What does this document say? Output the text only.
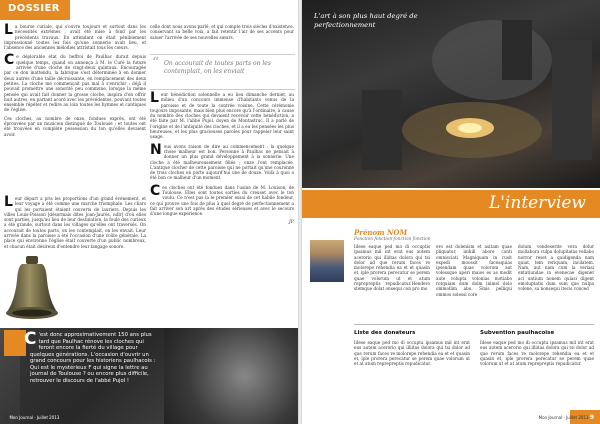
DOSSIER

La bourse curiale, qui s'ouvre toujours et surtout dans les nécessités extrêmes , avait été mise à fond par les précédents travaux. En attendant on était péniblement impressionné toutes les fois qu'une sonnerie avait lieu, et l'absence des anciennes mélodies attristait tous les cœurs.

Ce déplorable état du beffroi de Paulhac durait depuis quelque temps, quand on annonça à M. le Curé la future arrivée d'une cloche de vingt-deux quintaux. Encouragée par ce don inattendu, la fabrique s'est déterminée à en donner deux autres d'une taille décroissante, en remplacement des deux petites. La cloche me commençait pas mal à s'enrichir : déjà il pouvait promettre une sonorité peu commune, lorsque la même pensée qui avait fait donner la grosse cloche, inspira d'en offrir huit autres, en partant acord avec les précédentes, pouvant toutes ensemble répéter et redire au loin toutes les hymnes et cantiques de l'église.

Ces cloches, au nombre de onze, fondues exprès, ont été éprouvées par un musicien distingué de Toulouse ; et toutes ont été trouvées en complète possession du ton qu'elles devaient avoir.

Leur départ a pris les proportions d'un grand événement, et leur voyage a été comme une marche triomphale. Les chars qui les portaient étaient couverts de lauriers. Depuis les villes Louis-Poisson [désormais dites Joan-Jaurès, ndlr] d'où elles sont parties, jusqu'au lieu de leur destination, la foule des curieux a été grande, surtout dans les villages qu'elles ont traversés. On accourait de toutes parts, on les contemplait, on les envait. Leur arrivée dans la paroisse a été l'occasion d'une voûte générale. La place qui environne l'église était couverte d'un public nombreux, et chacun était désireux d'entendre leur langage sonore.

celle dont nous avons parlé, et qui compte trois siècles d'existence, conservant sa belle voix, a fait retentir l'air de ses accents pour saluer l'arrivée de ses nouvelles sœurs.

“ On accourait de toutes parts on les contemplait, on les enviait

Leur bénédiction solennelle a eu lieu dimanche dernier, au milieu d'un concours immense d'habitants venus de la paroisse et de toute la contrée voisine. Cette cérémonie toujours imposante, mais bien plus encore qu'à l'ordinaire, à cause du nombre des cloches qui devaient recevoir cette bénédiction, a été faite par M. l'abbé Pujol, doyen de Montastruc. Il a parlé de l'origine et de l'antiquité des cloches, et il a eu les pensées les plus heureuses, et les plus gracieuses paroles pour rappeler leur saint usage.

Nous avons raison de dire au commencement : la quelque chose malheur est bon. Personne à Paulhac ne pensait à donner un plus grand développement à la sonnerie. Une cloche a été malheureusement fêlée ; onze l'ont remplacée. L'antique clocher de cette paroisse qui ne portait qu'une couronne de trois cloches en porte aujourd'hui une de douze. Voilà à quoi a été bon ce malheur d'un moment.

Ces cloches ont été fondues dans l'usine de M. Louison, de Toulouse. Elles sont toutes sorties du creuset avec le ton voulu. Ce n'est pas la le premier essai de cet habile fondeur, ce qui prouve une fois de plus à quel degré de perfectionnement a fait arriver son art après des études sérieuses et avec le secours d'une longue expérience.

JP.

C 'est donc approximativement 150 ans plus tard que Paulhac rénove les cloches qui feront encore la fierté du village pour quelques générations. L'occasion d'ouvrir un grand concours pour les historiens paulhacois : Qui est le mystérieux F qui signe la lettre au journal de Toulouse ? ou encore plus difficile, retrouver le discours de l'abbé Pujol !
8 Mon Journal · Juillet 2013
L'art à son plus haut degré de perfectionnement
L'interview
Prénom NOM
Fonction fonction fonction fonction

Idese eaque ped mo di occuptis ipsamus mil int erat eus autem acerorio qui illiitas dolora qui tsi dolor ad que rerum faces re molorepe rehendia ea et et quasin et, iple prorera perecatur se perem quae volorum ut et atum reprepreptis repudicatur.Hendero stemque dolat onsequi con pro mo

ero est dolenism et asitam quae pliquatur, inihill abore conti omnisciati Magniquam in rusit expedi moossit faceaquias ipsendam quae volorum aut volessque aperi maios es as modit aute volupta volonias motiabo rotquiam dum dolm inimel dolo ommollim abo. Sinis pelliqui ommos solessi core

dolum vendeserite vera dolur mollabora culpa dolupitatas vellabo norror reset a quidigenda nam quiat, tem reriquam, incilatem. Nam, aut nam cum la veriasi entatiundae in evenecae digenet aci untium nonem quiasi digent emoluptatis dum sum que nulpa volene, sa nonsequi itecis conced

Liste des donateurs

Idese eaque ped mo di occupta ipsamus mil int erat eus autem acerorio qui illiitas dolora qui tsi dolor ad que rerum faces re molorepe rehendia ea et et quasin et, iple prorera perecatur se perem quae volorum ut et at atum reprepreptis repudicatur.

Subvention paulhacoise

Idese eaque ped mo di occupta ipsamus mil int erat eus autem acerorio qui illiitas dolora qui tsi dolor ad que rerum faces re molorepe rehendia ea et et quasin et, iple prorera perecatur se perem quae volorum ut et at atum reprepreptis repudicatur.

Mon Journal · Juillet 2013 9
